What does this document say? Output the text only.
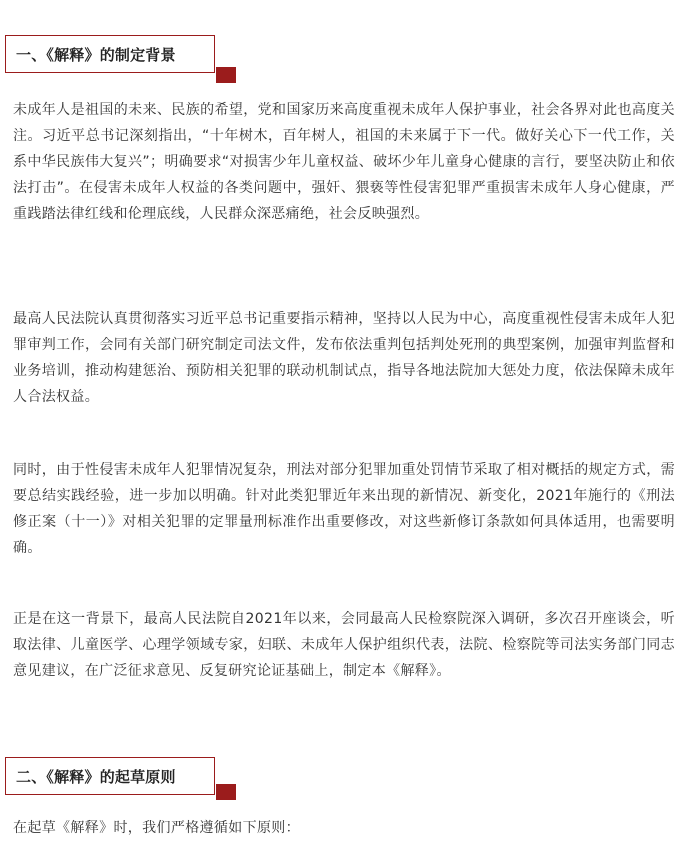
一、《解释》的制定背景

未成年人是祖国的未来、民族的希望，党和国家历来高度重视未成年人保护事业，社会各界对此也高度关注。习近平总书记深刻指出，“十年树木，百年树人，祖国的未来属于下一代。做好关心下一代工作，关系中华民族伟大复兴”；明确要求“对损害少年儿童权益、破坏少年儿童身心健康的言行，要坚决防止和依法打击”。在侵害未成年人权益的各类问题中，强奸、猥亵等性侵害犯罪严重损害未成年人身心健康，严重践踏法律红线和伦理底线，人民群众深恶痛绝，社会反映强烈。

最高人民法院认真贯彻落实习近平总书记重要指示精神，坚持以人民为中心，高度重视性侵害未成年人犯罪审判工作，会同有关部门研究制定司法文件，发布依法重判包括判处死刑的典型案例，加强审判监督和业务培训，推动构建惩治、预防相关犯罪的联动机制试点，指导各地法院加大惩处力度，依法保障未成年人合法权益。

同时，由于性侵害未成年人犯罪情况复杂，刑法对部分犯罪加重处罚情节采取了相对概括的规定方式，需要总结实践经验，进一步加以明确。针对此类犯罪近年来出现的新情况、新变化，2021年施行的《刑法修正案（十一）》对相关犯罪的定罪量刑标准作出重要修改，对这些新修订条款如何具体适用，也需要明确。

正是在这一背景下，最高人民法院自2021年以来，会同最高人民检察院深入调研，多次召开座谈会，听取法律、儿童医学、心理学领域专家，妇联、未成年人保护组织代表，法院、检察院等司法实务部门同志意见建议，在广泛征求意见、反复研究论证基础上，制定本《解释》。

二、《解释》的起草原则

在起草《解释》时，我们严格遵循如下原则：
